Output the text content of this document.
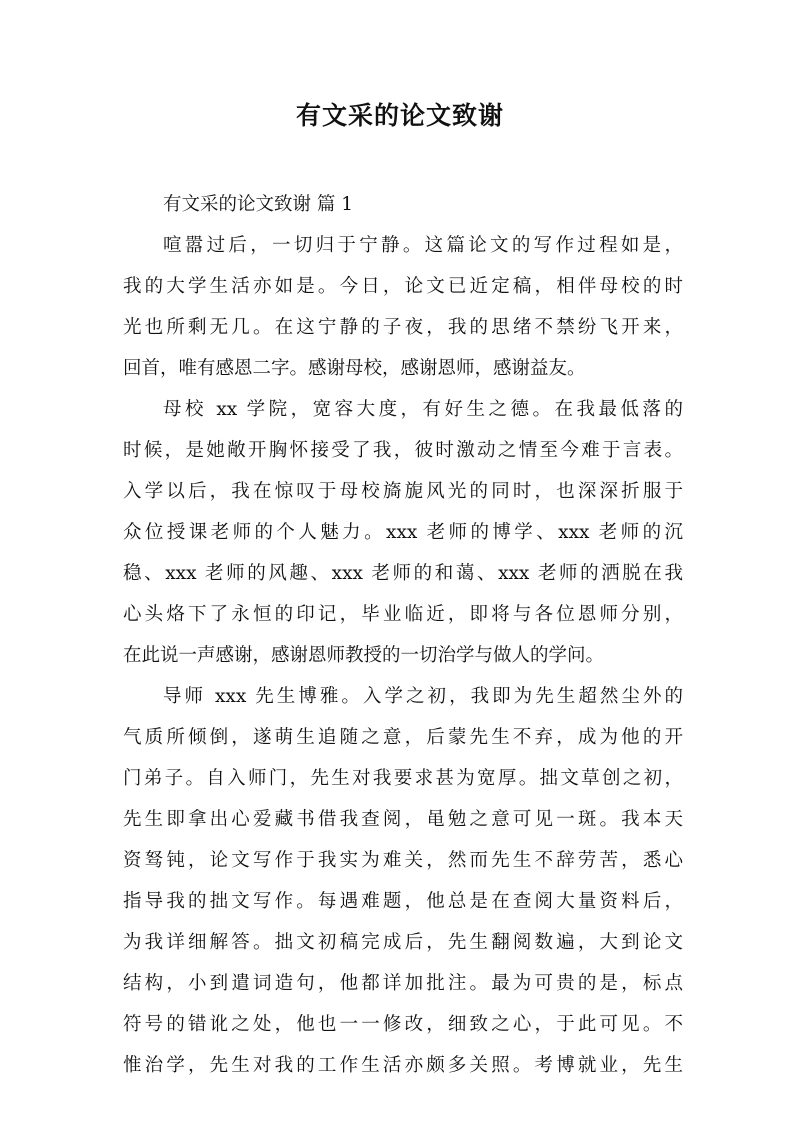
有文采的论文致谢
有文采的论文致谢 篇 1
喧嚣过后，一切归于宁静。这篇论文的写作过程如是，
我的大学生活亦如是。今日，论文已近定稿，相伴母校的时
光也所剩无几。在这宁静的子夜，我的思绪不禁纷飞开来，
回首，唯有感恩二字。感谢母校，感谢恩师，感谢益友。
母校 xx 学院，宽容大度，有好生之德。在我最低落的
时候，是她敞开胸怀接受了我，彼时激动之情至今难于言表。
入学以后，我在惊叹于母校旖旎风光的同时，也深深折服于
众位授课老师的个人魅力。xxx 老师的博学、xxx 老师的沉
稳、xxx 老师的风趣、xxx 老师的和蔼、xxx 老师的洒脱在我
心头烙下了永恒的印记，毕业临近，即将与各位恩师分别，
在此说一声感谢，感谢恩师教授的一切治学与做人的学问。
导师 xxx 先生博雅。入学之初，我即为先生超然尘外的
气质所倾倒，遂萌生追随之意，后蒙先生不弃，成为他的开
门弟子。自入师门，先生对我要求甚为宽厚。拙文草创之初，
先生即拿出心爱藏书借我查阅，黾勉之意可见一斑。我本天
资驽钝，论文写作于我实为难关，然而先生不辞劳苦，悉心
指导我的拙文写作。每遇难题，他总是在查阅大量资料后，
为我详细解答。拙文初稿完成后，先生翻阅数遍，大到论文
结构，小到遣词造句，他都详加批注。最为可贵的是，标点
符号的错讹之处，他也一一修改，细致之心，于此可见。不
惟治学，先生对我的工作生活亦颇多关照。考博就业，先生
